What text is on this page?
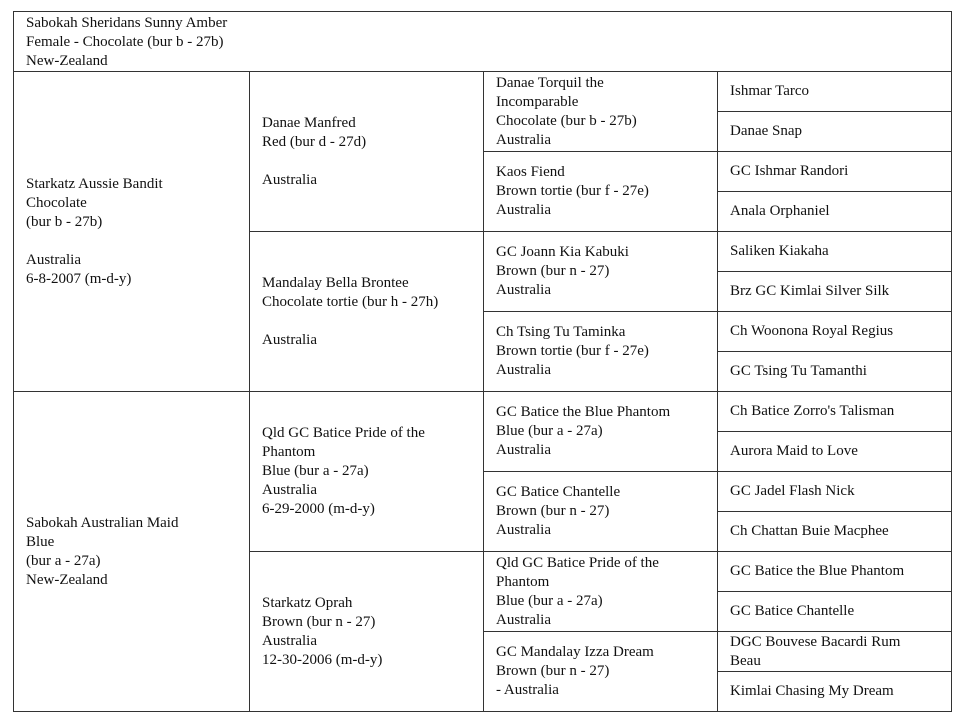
Sabokah Sheridans Sunny Amber
Female - Chocolate (bur b - 27b)
New-Zealand			

Starkatz Aussie Bandit
Chocolate
(bur b - 27b)

Australia
6-8-2007 (m-d-y)	Danae Manfred
Red (bur d - 27d)

Australia	Danae Torquil the
Incomparable
Chocolate (bur b - 27b)
Australia	Ishmar Tarco
			Danae Snap
		Kaos Fiend
Brown tortie (bur f - 27e)
Australia	GC Ishmar Randori
			Anala Orphaniel
	Mandalay Bella Brontee
Chocolate tortie (bur h - 27h)

Australia	GC Joann Kia Kabuki
Brown (bur n - 27)
Australia	Saliken Kiakaha
			Brz GC Kimlai Silver Silk
		Ch Tsing Tu Taminka
Brown tortie (bur f - 27e)
Australia	Ch Woonona Royal Regius
			GC Tsing Tu Tamanthi
Sabokah Australian Maid
Blue
(bur a - 27a)
New-Zealand	Qld GC Batice Pride of the
Phantom
Blue (bur a - 27a)
Australia
6-29-2000 (m-d-y)	GC Batice the Blue Phantom
Blue (bur a - 27a)
Australia	Ch Batice Zorro's Talisman
			Aurora Maid to Love
		GC Batice Chantelle
Brown (bur n - 27)
Australia	GC Jadel Flash Nick
			Ch Chattan Buie Macphee
	Starkatz Oprah
Brown (bur n - 27)
Australia
12-30-2006 (m-d-y)	Qld GC Batice Pride of the
Phantom
Blue (bur a - 27a)
Australia	GC Batice the Blue Phantom
			GC Batice Chantelle
		GC Mandalay Izza Dream
Brown (bur n - 27)
- Australia	DGC Bouvese Bacardi Rum
Beau
			Kimlai Chasing My Dream
